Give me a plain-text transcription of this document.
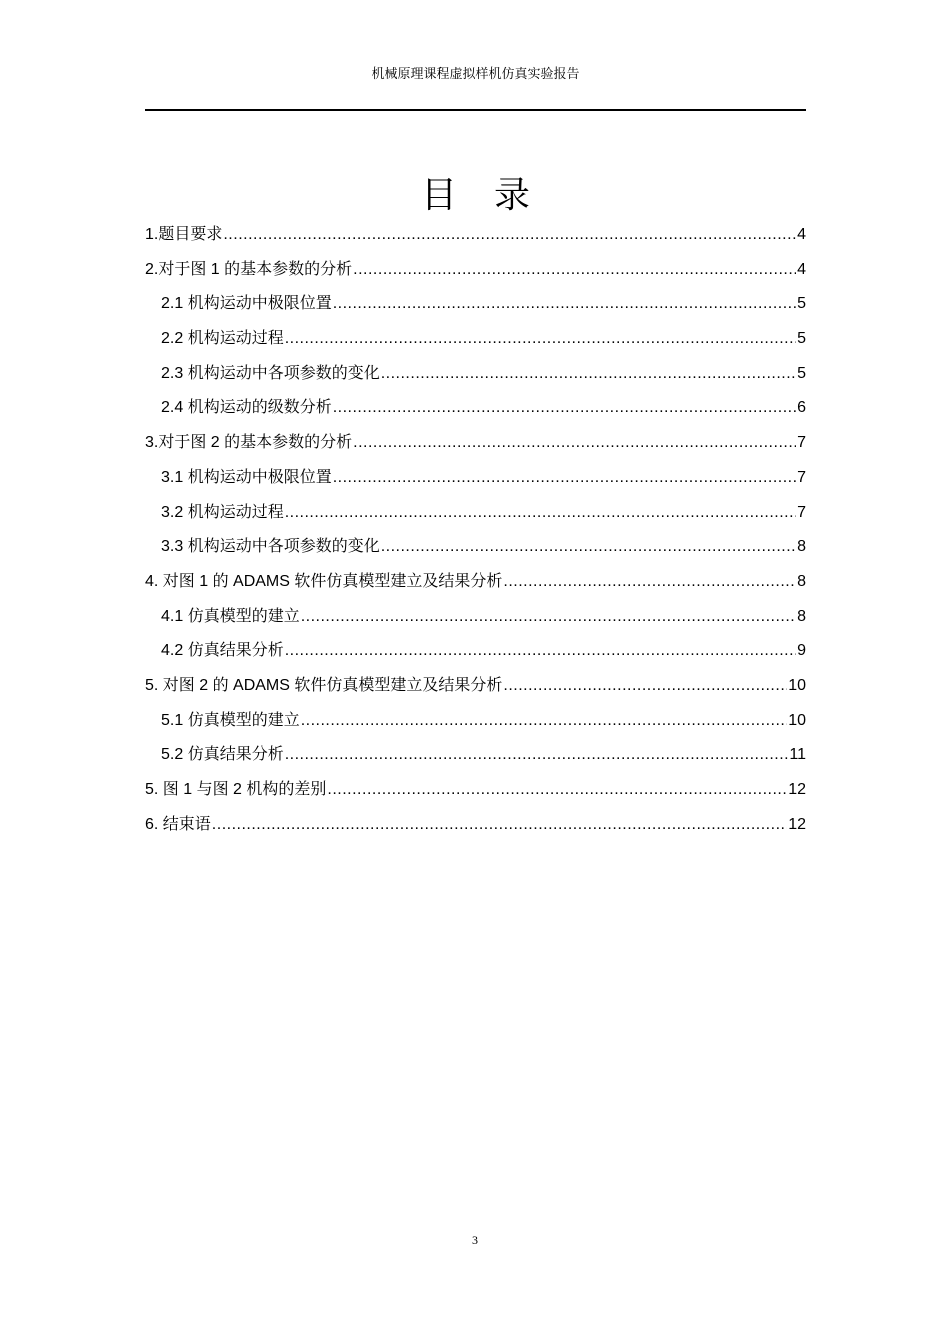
机械原理课程虚拟样机仿真实验报告
目 录
1.题目要求 .....	4
2.对于图 1 的基本参数的分析 .....	4
2.1 机构运动中极限位置 .....	5
2.2 机构运动过程 .....	5
2.3 机构运动中各项参数的变化 .....	5
2.4 机构运动的级数分析 .....	6
3.对于图 2 的基本参数的分析 .....	7
3.1 机构运动中极限位置 .....	7
3.2 机构运动过程 .....	7
3.3 机构运动中各项参数的变化 .....	8
4. 对图 1 的 ADAMS 软件仿真模型建立及结果分析 .....	8
4.1 仿真模型的建立 .....	8
4.2 仿真结果分析 .....	9
5. 对图 2 的 ADAMS 软件仿真模型建立及结果分析 .....	10
5.1 仿真模型的建立 .....	10
5.2 仿真结果分析 .....	11
5. 图 1 与图 2 机构的差别 .....	12
6. 结束语 .....	12
3
